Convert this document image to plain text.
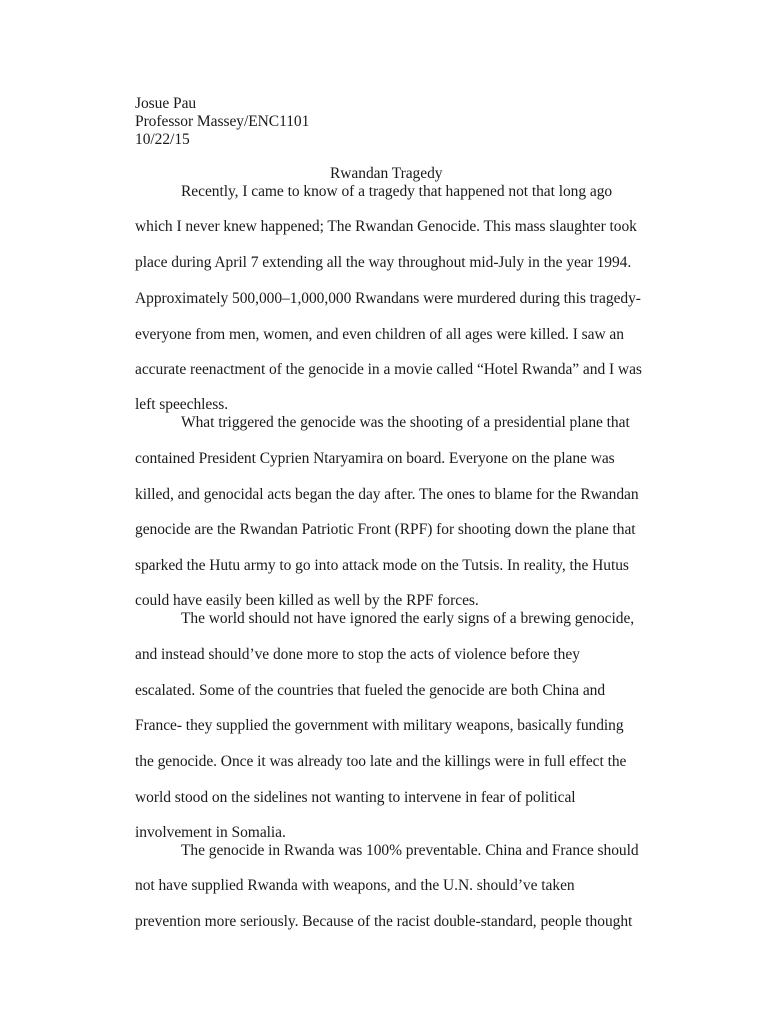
Josue Pau
Professor Massey/ENC1101
10/22/15
Rwandan Tragedy
Recently, I came to know of a tragedy that happened not that long ago
which I never knew happened; The Rwandan Genocide. This mass slaughter took
place during April 7 extending all the way throughout mid-July in the year 1994.
Approximately 500,000–1,000,000 Rwandans were murdered during this tragedy-
everyone from men, women, and even children of all ages were killed. I saw an
accurate reenactment of the genocide in a movie called “Hotel Rwanda” and I was
left speechless.
What triggered the genocide was the shooting of a presidential plane that
contained President Cyprien Ntaryamira on board. Everyone on the plane was
killed, and genocidal acts began the day after. The ones to blame for the Rwandan
genocide are the Rwandan Patriotic Front (RPF) for shooting down the plane that
sparked the Hutu army to go into attack mode on the Tutsis. In reality, the Hutus
could have easily been killed as well by the RPF forces.
The world should not have ignored the early signs of a brewing genocide,
and instead should’ve done more to stop the acts of violence before they
escalated. Some of the countries that fueled the genocide are both China and
France- they supplied the government with military weapons, basically funding
the genocide. Once it was already too late and the killings were in full effect the
world stood on the sidelines not wanting to intervene in fear of political
involvement in Somalia.
The genocide in Rwanda was 100% preventable. China and France should
not have supplied Rwanda with weapons, and the U.N. should’ve taken
prevention more seriously. Because of the racist double-standard, people thought
